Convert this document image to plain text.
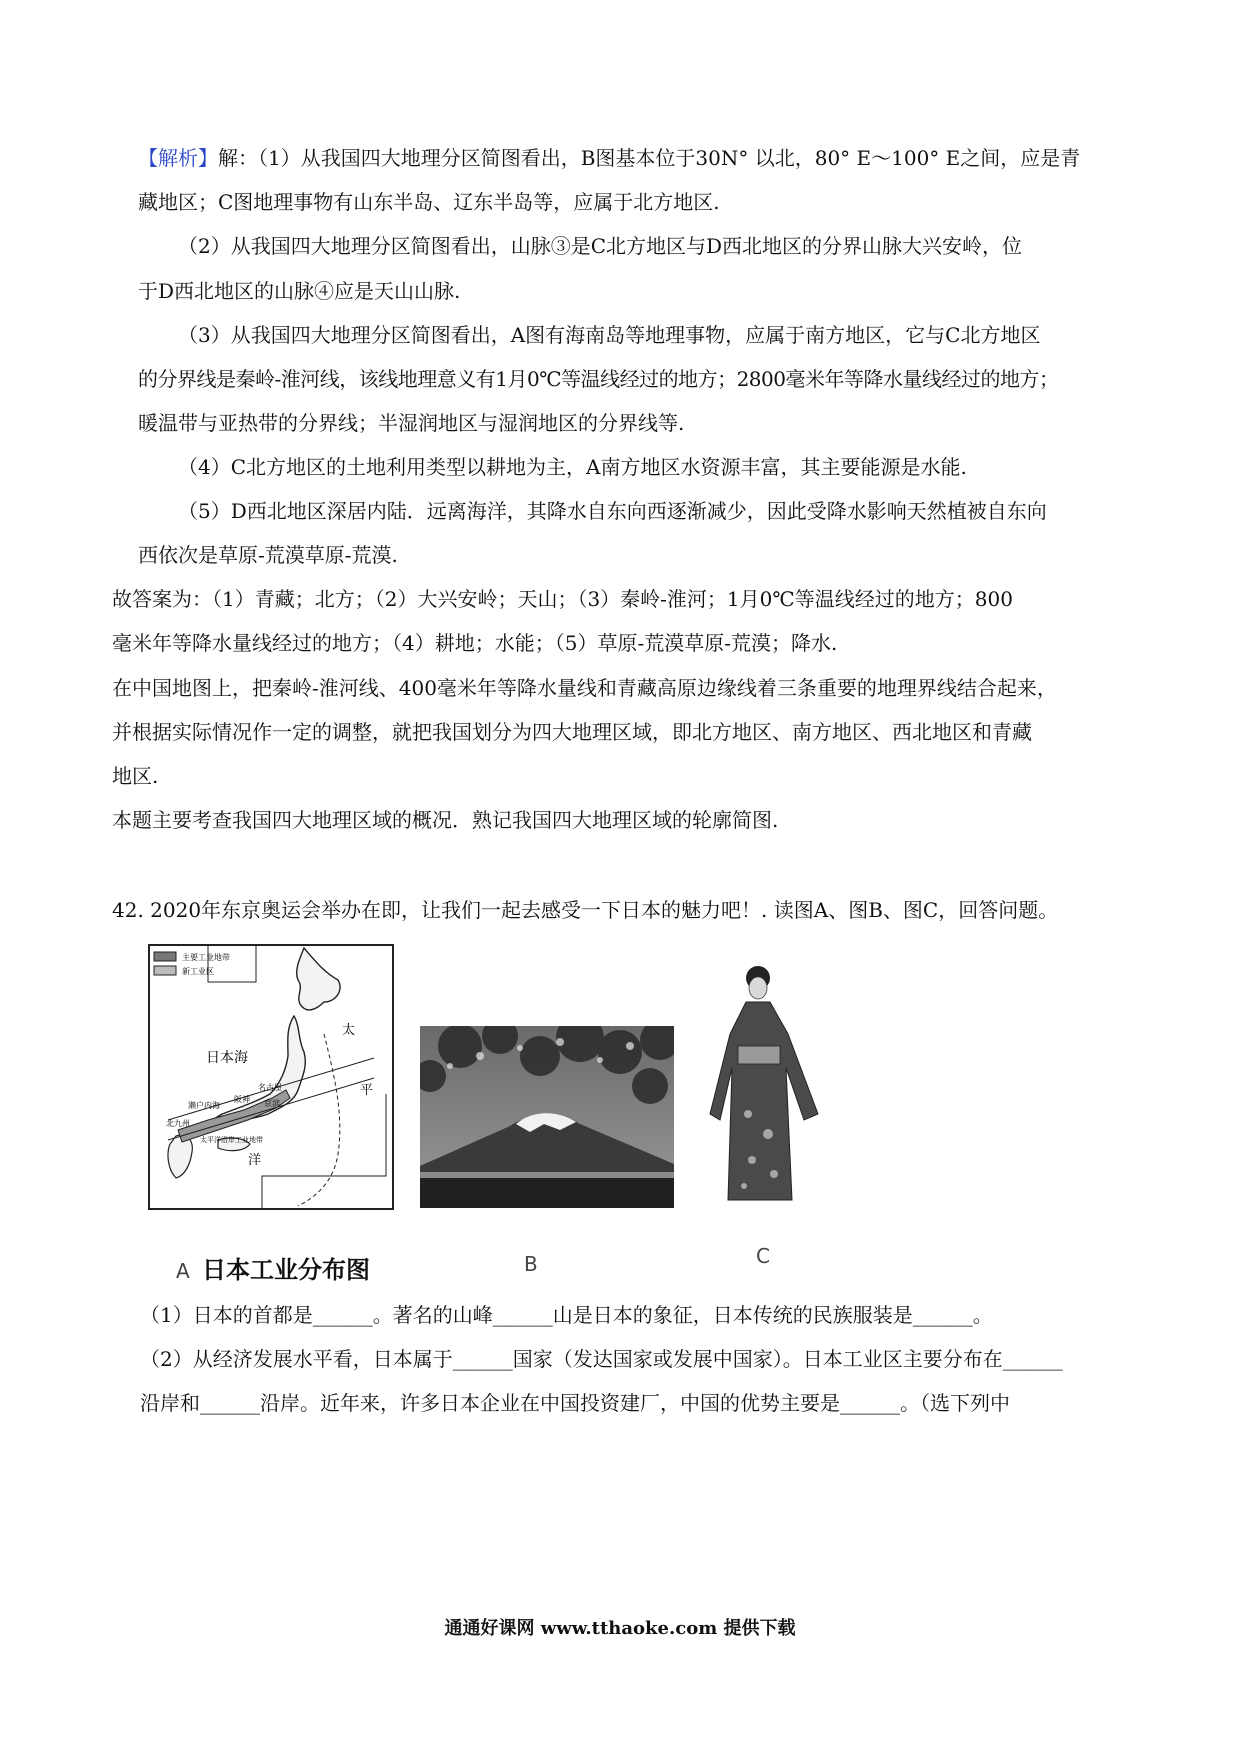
【解析】解：（1）从我国四大地理分区简图看出，B图基本位于30N° 以北，80° E～100° E之间，应是青
藏地区；C图地理事物有山东半岛、辽东半岛等，应属于北方地区.
（2）从我国四大地理分区简图看出，山脉③是C北方地区与D西北地区的分界山脉大兴安岭，位
于D西北地区的山脉④应是天山山脉.
（3）从我国四大地理分区简图看出，A图有海南岛等地理事物，应属于南方地区，它与C北方地区
的分界线是秦岭-淮河线，该线地理意义有1月0℃等温线经过的地方；2800毫米年等降水量线经过的地方；
暖温带与亚热带的分界线；半湿润地区与湿润地区的分界线等.
（4）C北方地区的土地利用类型以耕地为主，A南方地区水资源丰富，其主要能源是水能.
（5）D西北地区深居内陆．远离海洋，其降水自东向西逐渐减少，因此受降水影响天然植被自东向
西依次是草原-荒漠草原-荒漠.
故答案为：（1）青藏；北方；（2）大兴安岭；天山；（3）秦岭-淮河；1月0℃等温线经过的地方；800
毫米年等降水量线经过的地方；（4）耕地；水能；（5）草原-荒漠草原-荒漠；降水.
在中国地图上，把秦岭-淮河线、400毫米年等降水量线和青藏高原边缘线着三条重要的地理界线结合起来，
并根据实际情况作一定的调整，就把我国划分为四大地理区域，即北方地区、南方地区、西北地区和青藏
地区.
本题主要考查我国四大地理区域的概况．熟记我国四大地理区域的轮廓简图.
42. 2020年东京奥运会举办在即，让我们一起去感受一下日本的魅力吧！. 读图A、图B、图C，回答问题。
主要工业地带
新工业区
日本海
太
平
洋
名古屋
京滨
阪神
濑户内海
北九州
太平洋沿岸工业地带
A 日本工业分布图	B	C
（1）日本的首都是______。著名的山峰______山是日本的象征，日本传统的民族服装是______。
（2）从经济发展水平看，日本属于______国家（发达国家或发展中国家）。日本工业区主要分布在______
沿岸和______沿岸。近年来，许多日本企业在中国投资建厂，中国的优势主要是______。（选下列中
通通好课网 www.tthaoke.com 提供下载
